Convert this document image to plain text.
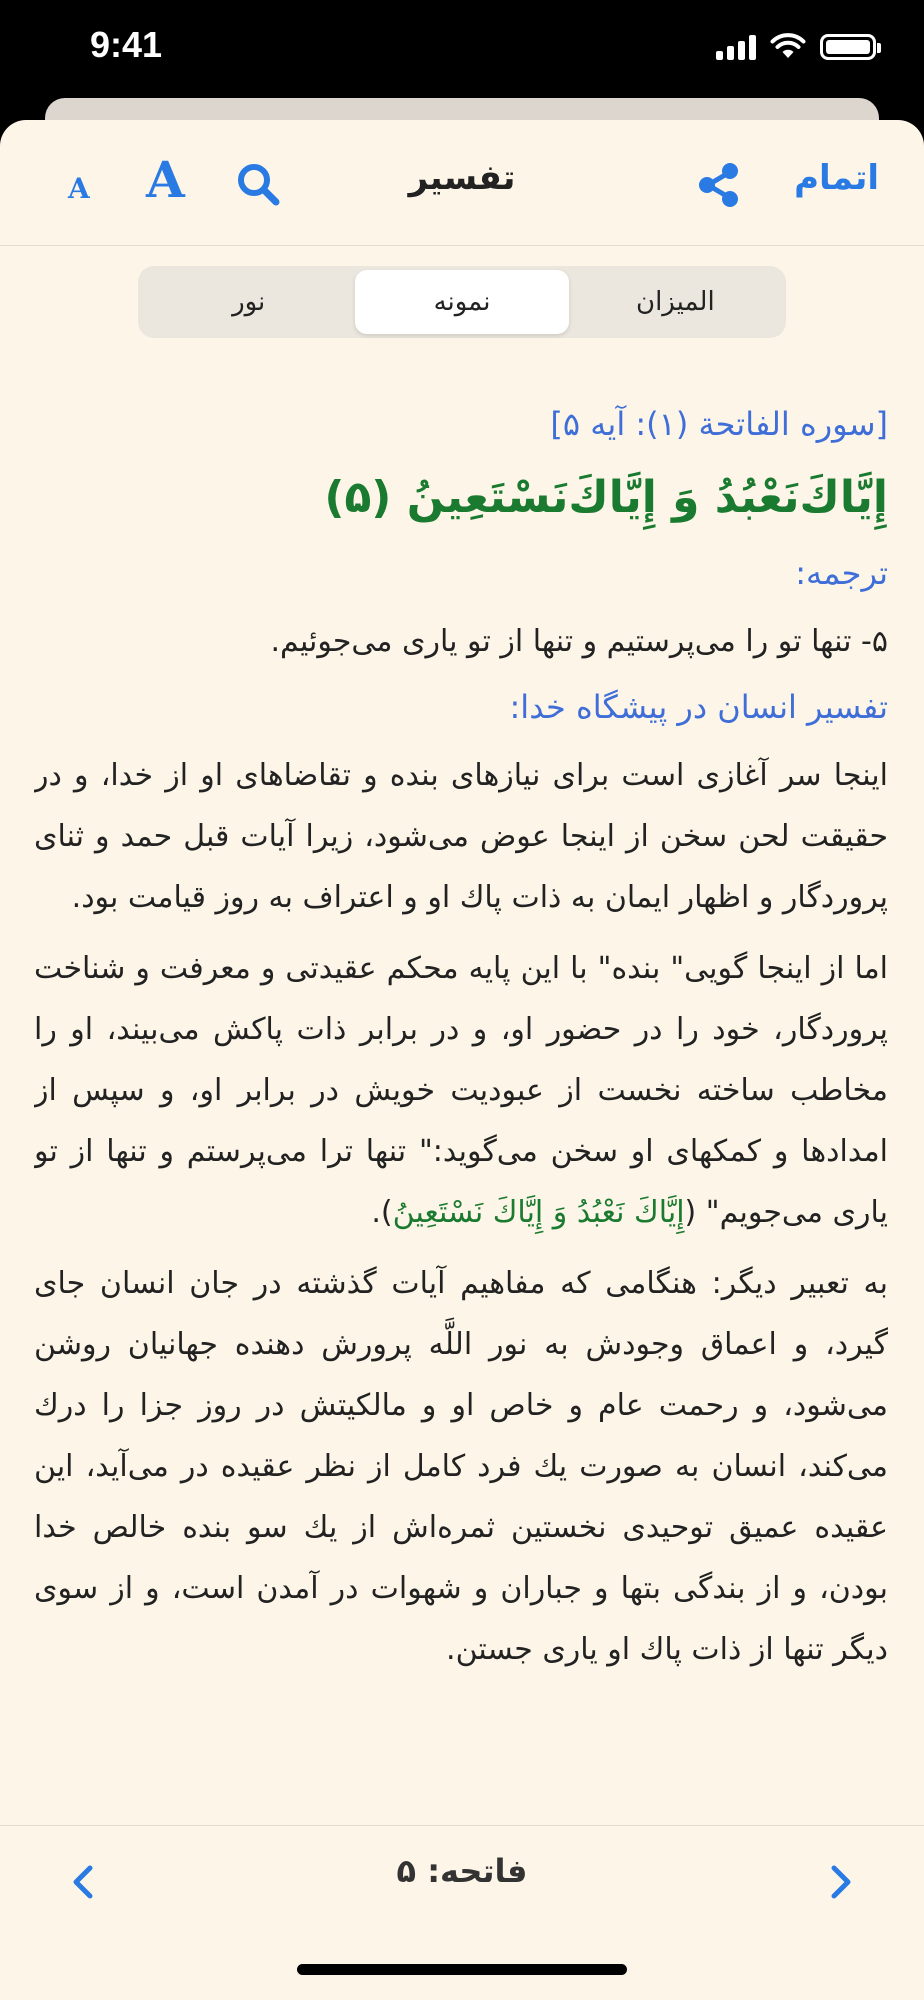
9:41
A A	تفسیر	اتمام
المیزان
نمونه
نور
[سوره الفاتحة (۱): آيه ۵]
إِيَّاكَ‌نَعْبُدُ وَ إِيَّاكَ‌نَسْتَعِينُ (۵)
ترجمه:
۵- تنها تو را می‌پرستيم و تنها از تو ياری می‌جوئيم.
تفسير انسان در پيشگاه خدا:

اينجا سر آغازی است برای نيازهای بنده و تقاضاهای او از خدا، و در حقيقت لحن سخن از اينجا عوض می‌شود، زيرا آيات قبل حمد و ثنای پروردگار و اظهار ايمان به ذات پاك او و اعتراف به روز قيامت بود.

اما از اينجا گويی" بنده" با اين پايه محكم عقيدتی و معرفت و شناخت پروردگار، خود را در حضور او، و در برابر ذات پاكش می‌بيند، او را مخاطب ساخته نخست از عبوديت خويش در برابر او، و سپس از امدادها و كمكهای او سخن می‌گويد:" تنها ترا می‌پرستم و تنها از تو ياری می‌جويم" (إِيَّاكَ نَعْبُدُ وَ إِيَّاكَ نَسْتَعِينُ).

به تعبير ديگر: هنگامی كه مفاهيم آيات گذشته در جان انسان جای گيرد، و اعماق وجودش به نور اللَّه پرورش دهنده جهانيان روشن می‌شود، و رحمت عام و خاص او و مالكيتش در روز جزا را درك می‌كند، انسان به صورت يك فرد كامل از نظر عقيده در می‌آيد، اين عقيده عميق توحيدی نخستين ثمره‌اش از يك سو بنده خالص خدا بودن، و از بندگی بتها و جباران و شهوات در آمدن است، و از سوی ديگر تنها از ذات پاك او ياری جستن.

فاتحه: ۵
